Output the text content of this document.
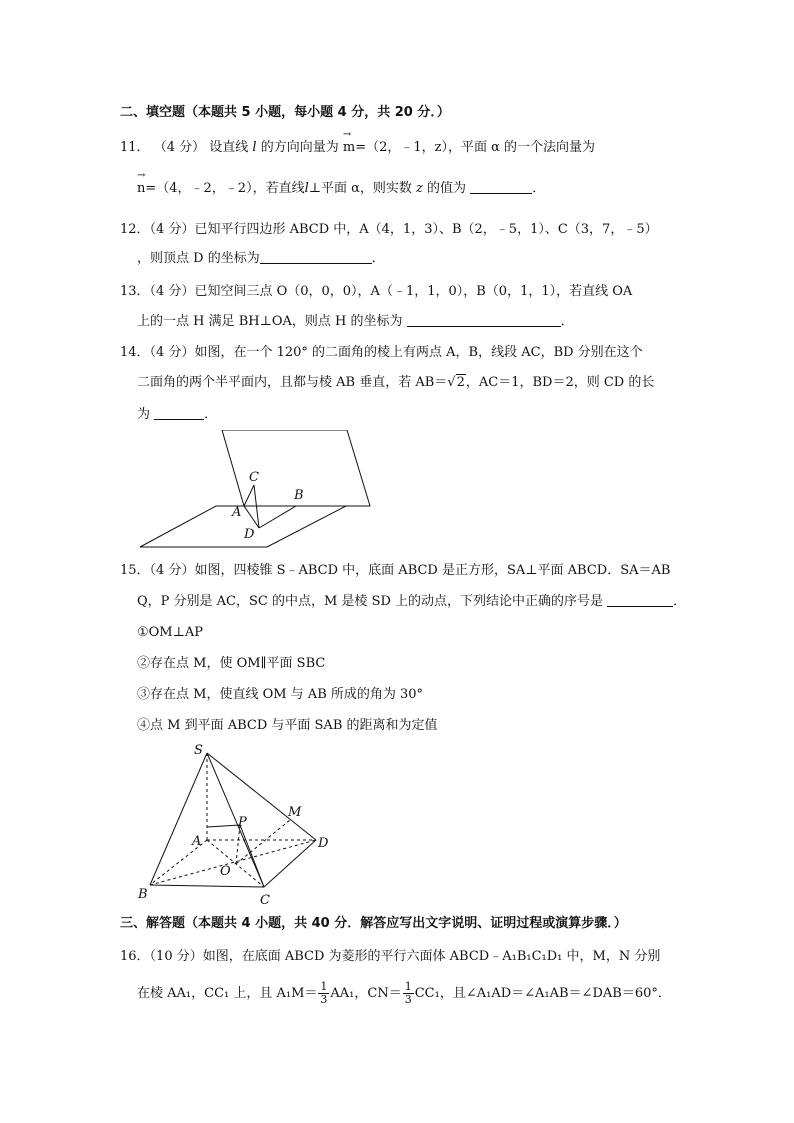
二、填空题（本题共 5 小题，每小题 4 分，共 20 分．）
11． （4 分） 设直线 l 的方向向量为
→
m=（2，﹣1，z），平面 α 的一个法向量为
→
n=（4，﹣2，﹣2），若直线l⊥平面 α，则实数 z 的值为	．
12．（4 分）已知平行四边形 ABCD 中，A（4，1，3）、B（2，﹣5，1）、C（3，7，﹣5）
，则顶点 D 的坐标为	．
13．（4 分）已知空间三点 O（0，0，0），A（﹣1，1，0），B（0，1，1），若直线 OA
上的一点 H 满足 BH⊥OA，则点 H 的坐标为	．
14．（4 分）如图，在一个 120° 的二面角的棱上有两点 A，B，线段 AC，BD 分别在这个
二面角的两个半平面内，且都与棱 AB 垂直，若 AB＝√2，AC＝1，BD＝2，则 CD 的长
为	．
C
A
B
D
15．（4 分）如图，四棱锥 S﹣ABCD 中，底面 ABCD 是正方形，SA⊥平面 ABCD．SA＝AB
Q，P 分别是 AC，SC 的中点，M 是棱 SD 上的动点，下列结论中正确的序号是	．
①OM⊥AP
②存在点 M，使 OM∥平面 SBC
③存在点 M，使直线 OM 与 AB 所成的角为 30°
④点 M 到平面 ABCD 与平面 SAB 的距离和为定值
S
M
P
A	D
O
B	C
三、解答题（本题共 4 小题，共 40 分．解答应写出文字说明、证明过程或演算步骤．）
16．（10 分）如图，在底面 ABCD 为菱形的平行六面体 ABCD﹣A₁B₁C₁D₁ 中，M，N 分别
在棱 AA₁，CC₁ 上，且 $A_1M= \frac{1}{3} AA_1$，$CN= \frac{1}{3} CC_1$，且∠A₁AD＝∠A₁AB＝∠DAB＝60°．
